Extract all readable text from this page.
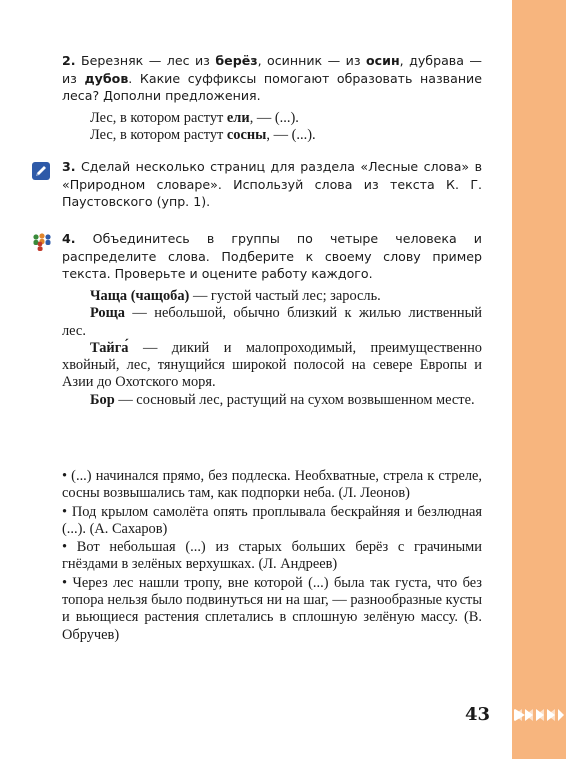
43

2. Березняк — лес из берёз, осинник — из осин, дубрава — из дубов. Какие суффиксы помогают образовать название леса? Дополни предложения.

Лес, в котором растут ели, — (...).

Лес, в котором растут сосны, — (...).

3. Сделай несколько страниц для раздела «Лесные слова» в «Природном словаре». Используй слова из текста К. Г. Паустовского (упр. 1).

4. Объединитесь в группы по четыре человека и распределите слова. Подберите к своему слову пример текста. Проверьте и оцените работу каждого.

Чаща (чащоба) — густой частый лес; заросль.

Роща — небольшой, обычно близкий к жилью лиственный лес.

Тайга́ — дикий и малопроходимый, преимущественно хвойный, лес, тянущийся широкой полосой на севере Европы и Азии до Охотского моря.

Бор — сосновый лес, растущий на сухом возвышенном месте.

• (...) начинался прямо, без подлеска. Необхватные, стрела к стреле, сосны возвышались там, как подпорки неба. (Л. Леонов)

• Под крылом самолёта опять проплывала бескрайняя и безлюдная (...). (А. Сахаров)

• Вот небольшая (...) из старых больших берёз с грачиными гнёздами в зелёных верхушках. (Л. Андреев)

• Через лес нашли тропу, вне которой (...) была так густа, что без топора нельзя было подвинуться ни на шаг, — разнообразные кусты и вьющиеся растения сплетались в сплошную зелёную массу. (В. Обручев)
